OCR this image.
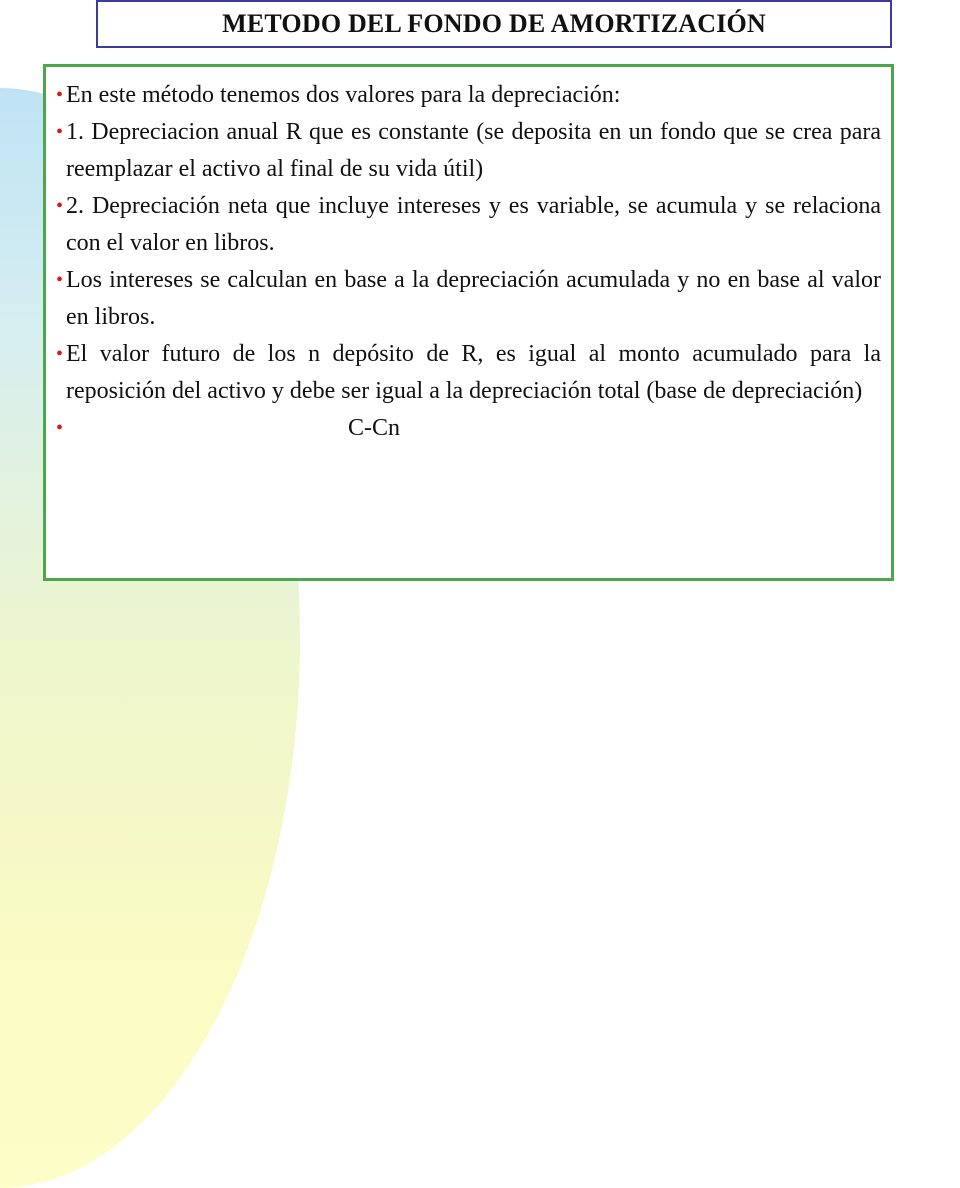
METODO DEL FONDO DE AMORTIZACIÓN
• En este método tenemos dos valores para la depreciación:
• 1. Depreciacion anual R que es constante (se deposita en un fondo que se crea para reemplazar el activo al final de su vida útil)
• 2. Depreciación neta que incluye intereses y es variable, se acumula y se relaciona con el valor en libros.
• Los intereses se calculan en base a la depreciación acumulada y no en base al valor en libros.
• El valor futuro de los n depósito de R, es igual al monto acumulado para la reposición del activo y debe ser igual a la depreciación total (base de depreciación)
•	C-Cn
